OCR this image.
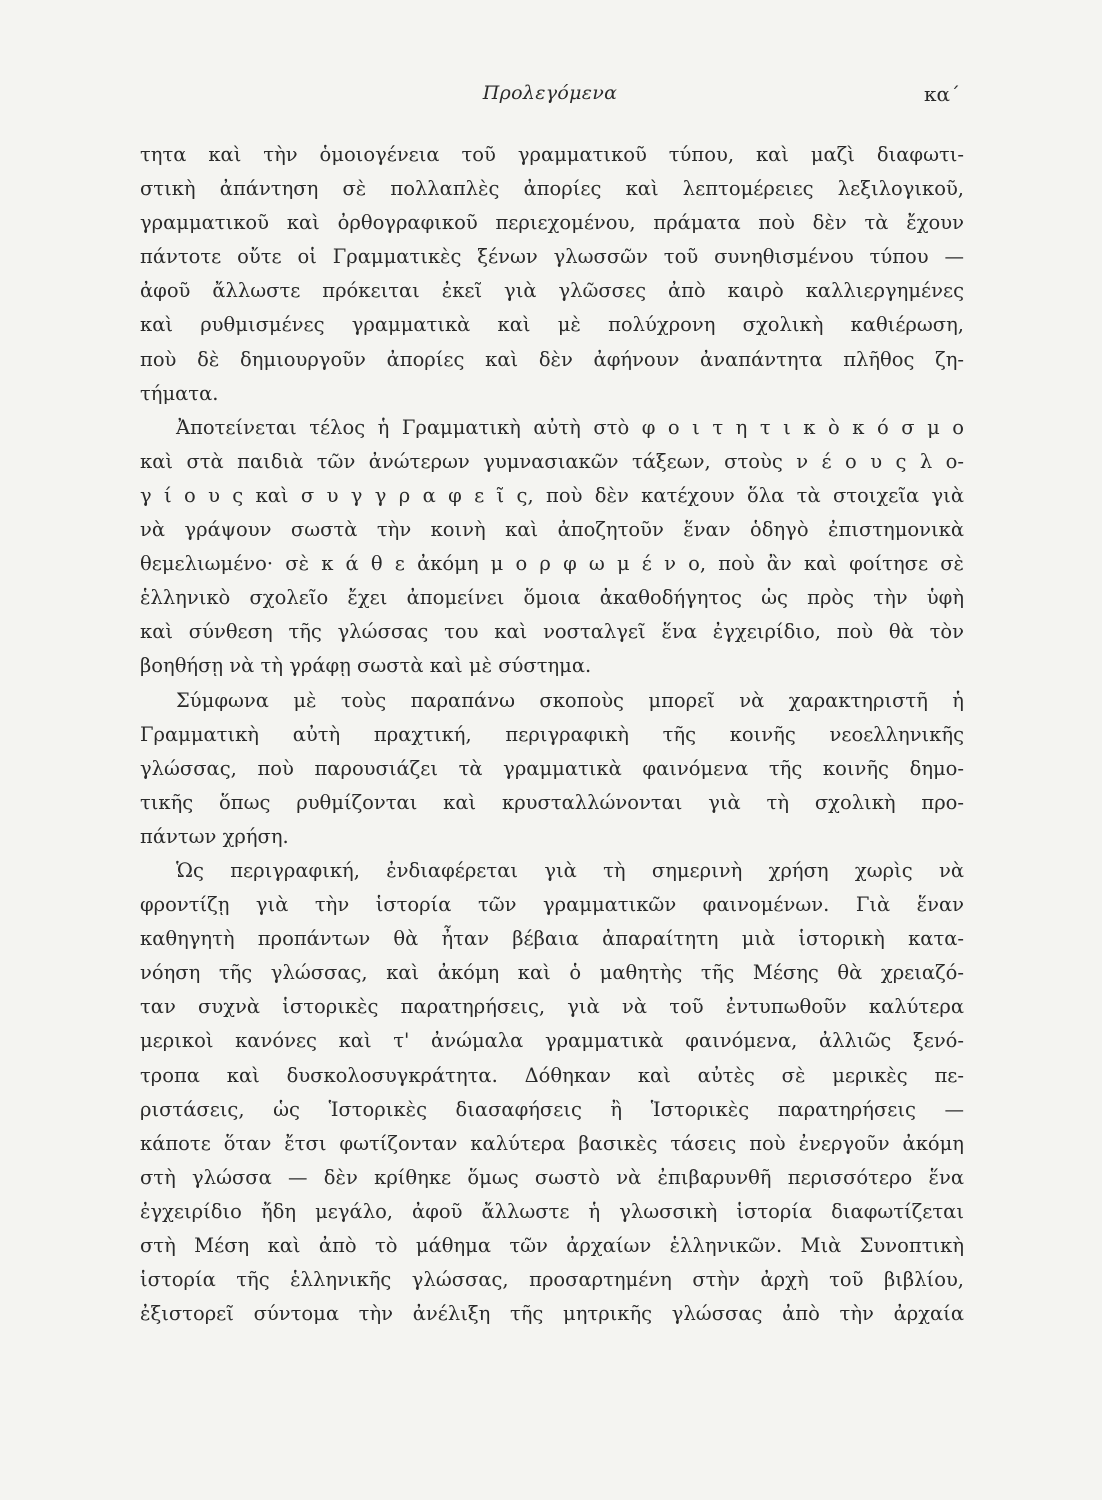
Προλεγόμενα	κα΄
τητα καὶ τὴν ὁμοιογένεια τοῦ γραμματικοῦ τύπου, καὶ μαζὶ διαφωτι-
στικὴ ἀπάντηση σὲ πολλαπλὲς ἀπορίες καὶ λεπτομέρειες λεξιλογικοῦ,
γραμματικοῦ καὶ ὀρθογραφικοῦ περιεχομένου, πράματα ποὺ δὲν τὰ ἔχουν
πάντοτε οὔτε οἱ Γραμματικὲς ξένων γλωσσῶν τοῦ συνηθισμένου τύπου —
ἀφοῦ ἄλλωστε πρόκειται ἐκεῖ γιὰ γλῶσσες ἀπὸ καιρὸ καλλιεργημένες
καὶ ρυθμισμένες γραμματικὰ καὶ μὲ πολύχρονη σχολικὴ καθιέρωση,
ποὺ δὲ δημιουργοῦν ἀπορίες καὶ δὲν ἀφήνουν ἀναπάντητα πλῆθος ζη-
τήματα.
Ἀποτείνεται τέλος ἡ Γραμματικὴ αὐτὴ στὸ φ ο ι τ η τ ι κ ὸ κ ό σ μ ο
καὶ στὰ παιδιὰ τῶν ἀνώτερων γυμνασιακῶν τάξεων, στοὺς ν έ ο υ ς λ ο-
γ ί ο υ ς καὶ σ υ γ γ ρ α φ ε ῖ ς, ποὺ δὲν κατέχουν ὅλα τὰ στοιχεῖα γιὰ
νὰ γράψουν σωστὰ τὴν κοινὴ καὶ ἀποζητοῦν ἕναν ὁδηγὸ ἐπιστημονικὰ
θεμελιωμένο· σὲ κ ά θ ε ἀκόμη μ ο ρ φ ω μ έ ν ο, ποὺ ἂν καὶ φοίτησε σὲ
ἑλληνικὸ σχολεῖο ἔχει ἀπομείνει ὅμοια ἀκαθοδήγητος ὡς πρὸς τὴν ὑφὴ
καὶ σύνθεση τῆς γλώσσας του καὶ νοσταλγεῖ ἕνα ἐγχειρίδιο, ποὺ θὰ τὸν
βοηθήσῃ νὰ τὴ γράφῃ σωστὰ καὶ μὲ σύστημα.
Σύμφωνα μὲ τοὺς παραπάνω σκοποὺς μπορεῖ νὰ χαρακτηριστῆ ἡ
Γραμματικὴ αὐτὴ πραχτική, περιγραφικὴ τῆς κοινῆς νεοελληνικῆς
γλώσσας, ποὺ παρουσιάζει τὰ γραμματικὰ φαινόμενα τῆς κοινῆς δημο-
τικῆς ὅπως ρυθμίζονται καὶ κρυσταλλώνονται γιὰ τὴ σχολικὴ προ-
πάντων χρήση.
Ὡς περιγραφική, ἐνδιαφέρεται γιὰ τὴ σημερινὴ χρήση χωρὶς νὰ
φροντίζῃ γιὰ τὴν ἱστορία τῶν γραμματικῶν φαινομένων. Γιὰ ἕναν
καθηγητὴ προπάντων θὰ ἦταν βέβαια ἀπαραίτητη μιὰ ἱστορικὴ κατα-
νόηση τῆς γλώσσας, καὶ ἀκόμη καὶ ὁ μαθητὴς τῆς Μέσης θὰ χρειαζό-
ταν συχνὰ ἱστορικὲς παρατηρήσεις, γιὰ νὰ τοῦ ἐντυπωθοῦν καλύτερα
μερικοὶ κανόνες καὶ τ' ἀνώμαλα γραμματικὰ φαινόμενα, ἀλλιῶς ξενό-
τροπα καὶ δυσκολοσυγκράτητα. Δόθηκαν καὶ αὐτὲς σὲ μερικὲς πε-
ριστάσεις, ὡς Ἱστορικὲς διασαφήσεις ἢ Ἱστορικὲς παρατηρήσεις —
κάποτε ὅταν ἔτσι φωτίζονταν καλύτερα βασικὲς τάσεις ποὺ ἐνεργοῦν ἀκόμη
στὴ γλώσσα — δὲν κρίθηκε ὅμως σωστὸ νὰ ἐπιβαρυνθῆ περισσότερο ἕνα
ἐγχειρίδιο ἤδη μεγάλο, ἀφοῦ ἄλλωστε ἡ γλωσσικὴ ἱστορία διαφωτίζεται
στὴ Μέση καὶ ἀπὸ τὸ μάθημα τῶν ἀρχαίων ἑλληνικῶν. Μιὰ Συνοπτικὴ
ἱστορία τῆς ἑλληνικῆς γλώσσας, προσαρτημένη στὴν ἀρχὴ τοῦ βιβλίου,
ἐξιστορεῖ σύντομα τὴν ἀνέλιξη τῆς μητρικῆς γλώσσας ἀπὸ τὴν ἀρχαία
